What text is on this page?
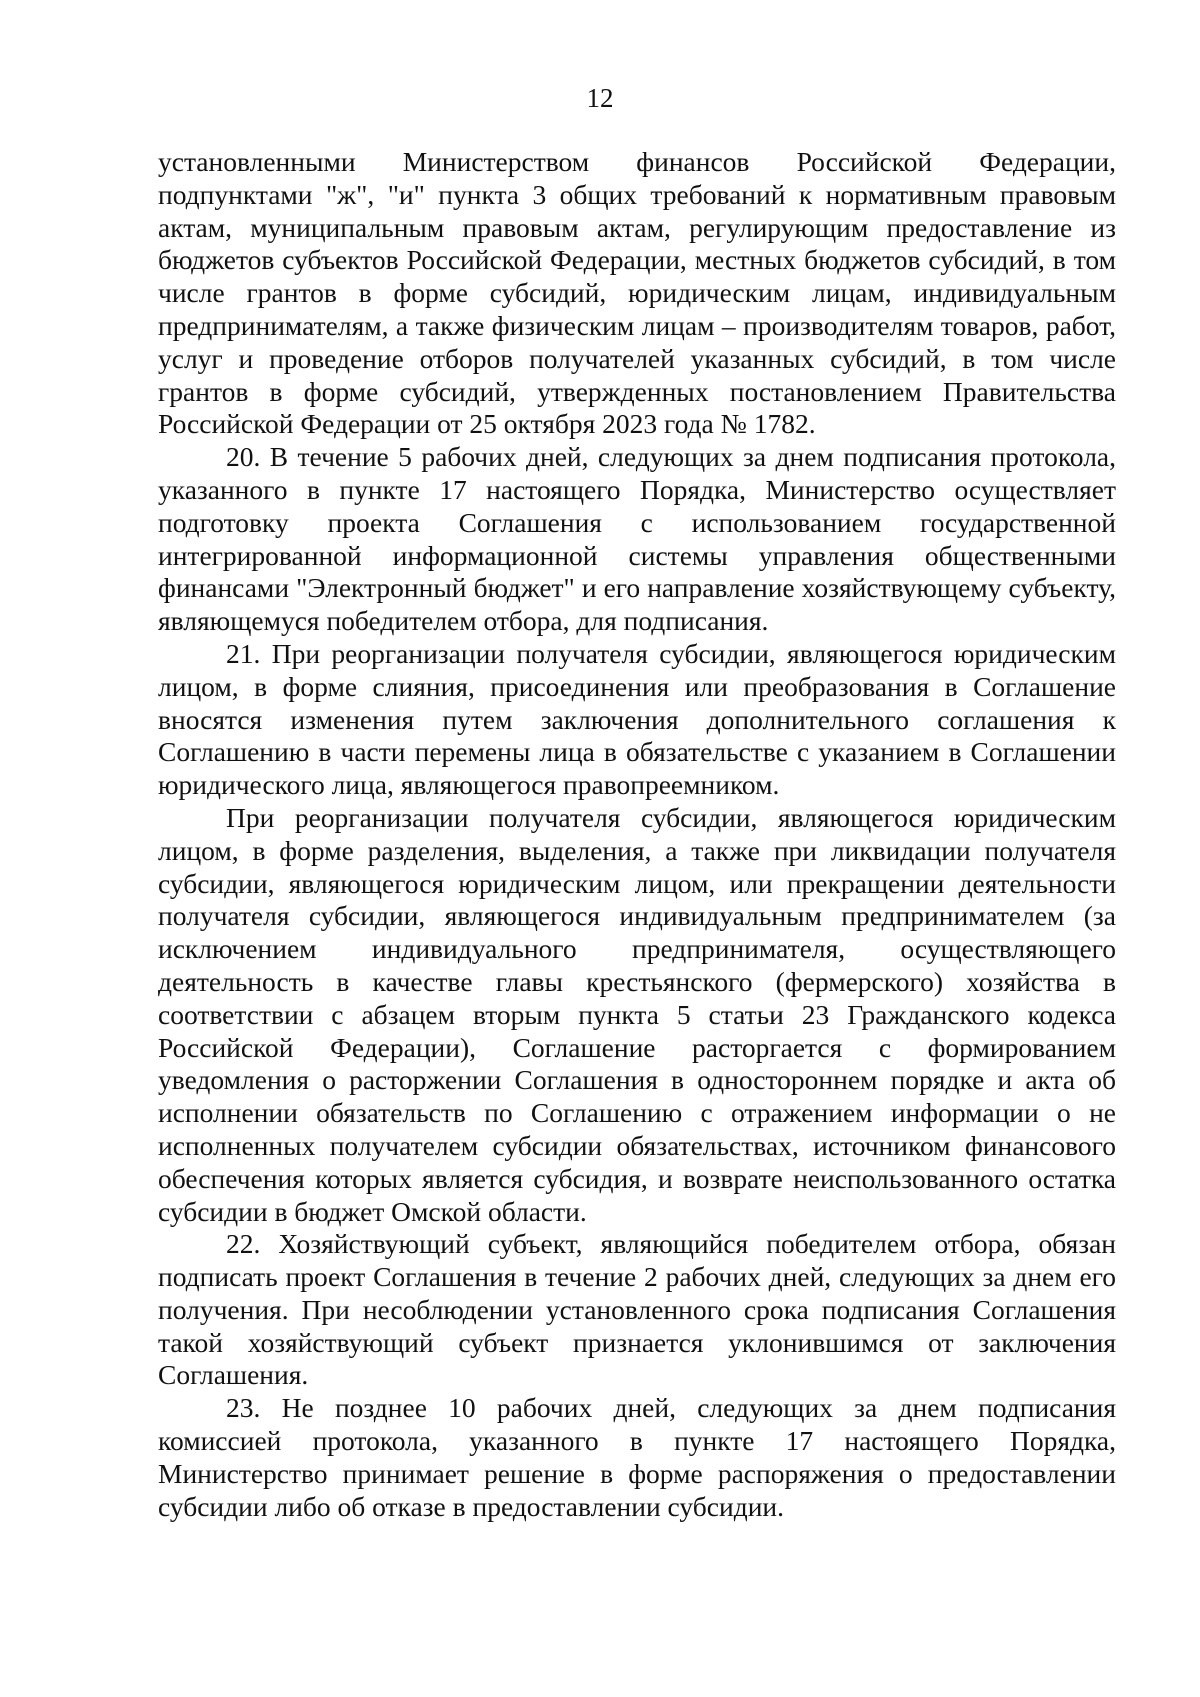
12

установленными Министерством финансов Российской Федерации, подпунктами "ж", "и" пункта 3 общих требований к нормативным правовым актам, муниципальным правовым актам, регулирующим предоставление из бюджетов субъектов Российской Федерации, местных бюджетов субсидий, в том числе грантов в форме субсидий, юридическим лицам, индивидуальным предпринимателям, а также физическим лицам – производителям товаров, работ, услуг и проведение отборов получателей указанных субсидий, в том числе грантов в форме субсидий, утвержденных постановлением Правительства Российской Федерации от 25 октября 2023 года № 1782.

20. В течение 5 рабочих дней, следующих за днем подписания протокола, указанного в пункте 17 настоящего Порядка, Министерство осуществляет подготовку проекта Соглашения с использованием государственной интегрированной информационной системы управления общественными финансами "Электронный бюджет" и его направление хозяйствующему субъекту, являющемуся победителем отбора, для подписания.

21. При реорганизации получателя субсидии, являющегося юридическим лицом, в форме слияния, присоединения или преобразования в Соглашение вносятся изменения путем заключения дополнительного соглашения к Соглашению в части перемены лица в обязательстве с указанием в Соглашении юридического лица, являющегося правопреемником.

При реорганизации получателя субсидии, являющегося юридическим лицом, в форме разделения, выделения, а также при ликвидации получателя субсидии, являющегося юридическим лицом, или прекращении деятельности получателя субсидии, являющегося индивидуальным предпринимателем (за исключением индивидуального предпринимателя, осуществляющего деятельность в качестве главы крестьянского (фермерского) хозяйства в соответствии с абзацем вторым пункта 5 статьи 23 Гражданского кодекса Российской Федерации), Соглашение расторгается с формированием уведомления о расторжении Соглашения в одностороннем порядке и акта об исполнении обязательств по Соглашению с отражением информации о не исполненных получателем субсидии обязательствах, источником финансового обеспечения которых является субсидия, и возврате неиспользованного остатка субсидии в бюджет Омской области.

22. Хозяйствующий субъект, являющийся победителем отбора, обязан подписать проект Соглашения в течение 2 рабочих дней, следующих за днем его получения. При несоблюдении установленного срока подписания Соглашения такой хозяйствующий субъект признается уклонившимся от заключения Соглашения.

23. Не позднее 10 рабочих дней, следующих за днем подписания комиссией протокола, указанного в пункте 17 настоящего Порядка, Министерство принимает решение в форме распоряжения о предоставлении субсидии либо об отказе в предоставлении субсидии.
